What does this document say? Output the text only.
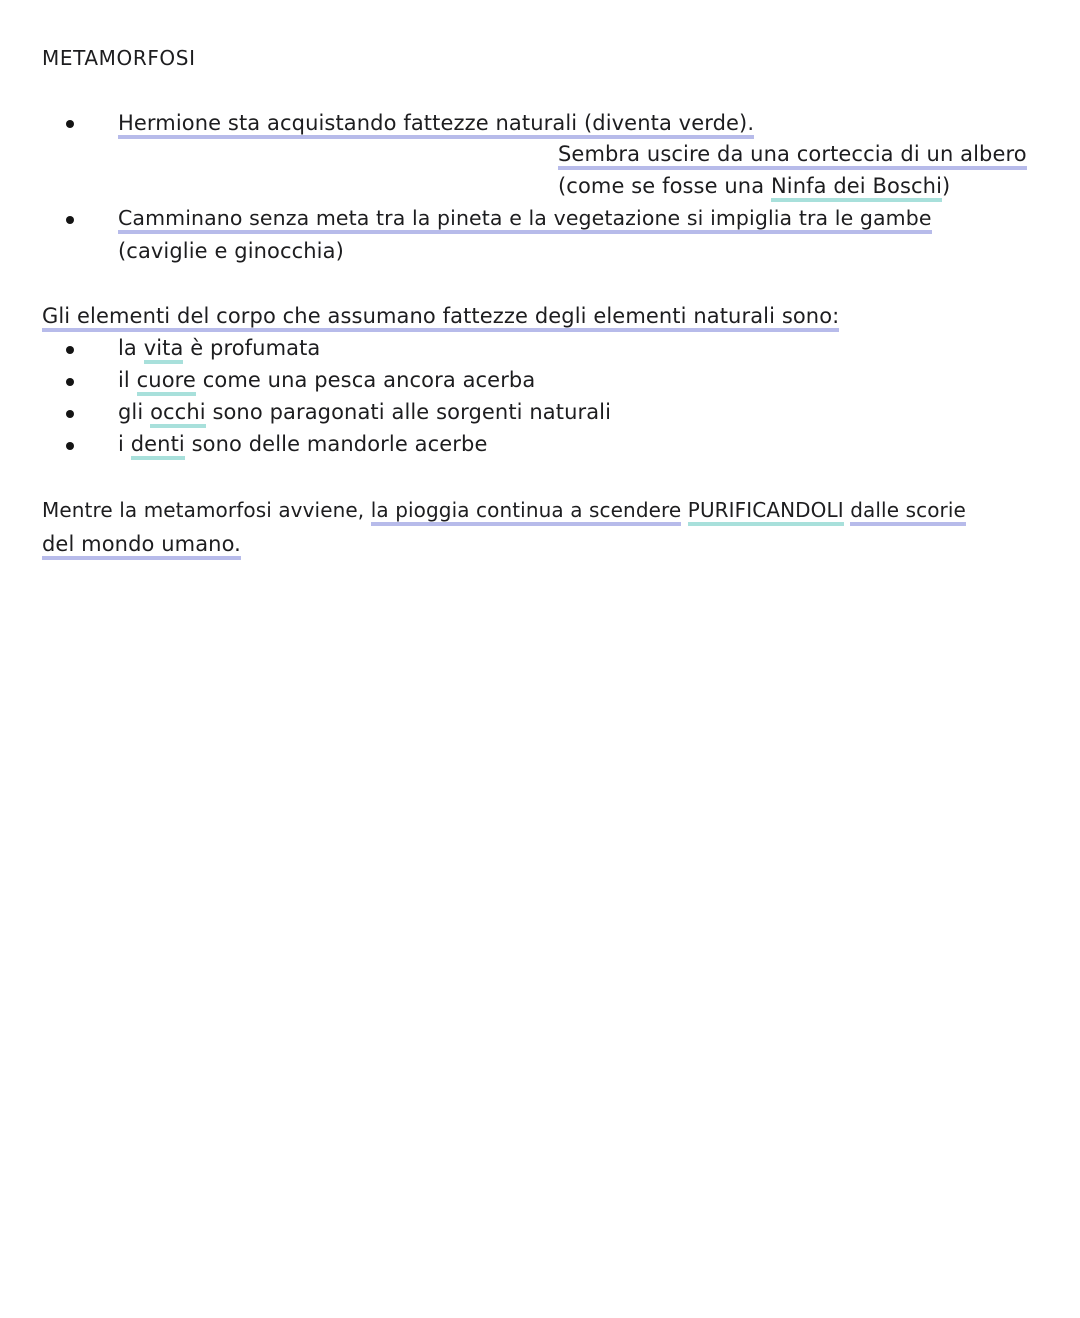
METAMORFOSI
Hermione sta acquistando fattezze naturali (diventa verde).
Sembra uscire da una corteccia di un albero
(come se fosse una Ninfa dei Boschi)
Camminano senza meta tra la pineta e la vegetazione si impiglia tra le gambe
(caviglie e ginocchia)
Gli elementi del corpo che assumano fattezze degli elementi naturali sono:
la vita è profumata
il cuore come una pesca ancora acerba
gli occhi sono paragonati alle sorgenti naturali
i denti sono delle mandorle acerbe
Mentre la metamorfosi avviene, la pioggia continua a scendere PURIFICANDOLI dalle scorie
del mondo umano.
